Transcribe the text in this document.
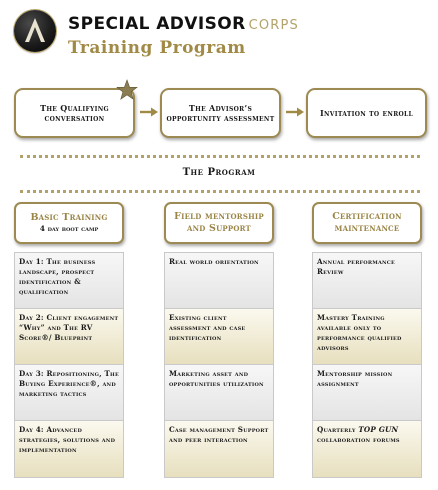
SPECIAL ADVISOR CORPS
Training Program
The Qualifying conversation
The Advisor’s opportunity assessment	Invitation to enroll
The Program
Basic Training
4 day boot camp
Field mentorship and Support
Certification maintenance
Day 1: The business landscape, prospect identification & qualification
Day 2: Client engagement “Why” and The RV Score®/ Blueprint
Day 3: Repositioning, The Buying Experience®, and marketing tactics
Day 4: Advanced strategies, solutions and implementation
Real world orientation
Existing client assessment and case identification
Marketing asset and opportunities utilization
Case management Support and peer interaction
Annual performance Review
Mastery Training available only to performance qualified advisors
Mentorship mission assignment
Quarterly TOP GUN collaboration forums
